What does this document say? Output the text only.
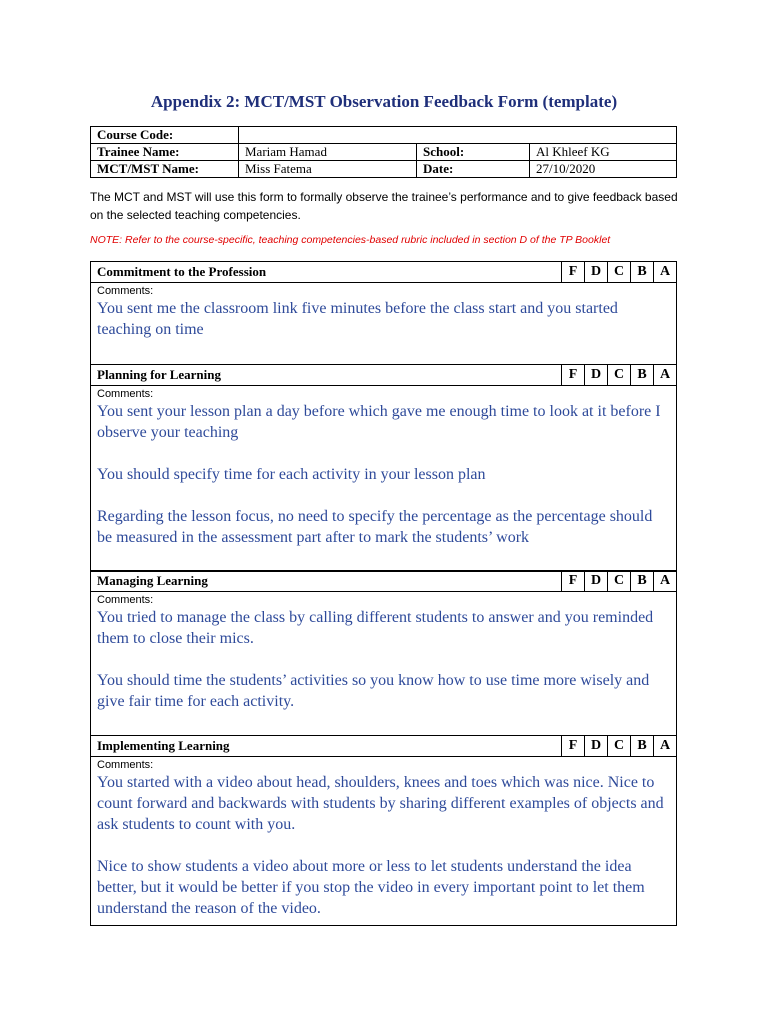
Appendix 2: MCT/MST Observation Feedback Form (template)
Course Code:			
Trainee Name:	Mariam Hamad	School:	Al Khleef KG
MCT/MST Name:	Miss Fatema	Date:	27/10/2020
The MCT and MST will use this form to formally observe the trainee’s performance and to give feedback based on the selected teaching competencies.
NOTE: Refer to the course-specific, teaching competencies-based rubric included in section D of the TP Booklet
Commitment to the Profession	F	D	C	B	A

Comments:
You sent me the classroom link five minutes before the class start and you started teaching on time
Planning for Learning	F	D	C	B	A

Comments:
You sent your lesson plan a day before which gave me enough time to look at it before I observe your teaching

You should specify time for each activity in your lesson plan

Regarding the lesson focus, no need to specify the percentage as the percentage should be measured in the assessment part after to mark the students’ work
Managing Learning	F	D	C	B	A

Comments:
You tried to manage the class by calling different students to answer and you reminded them to close their mics.

You should time the students’ activities so you know how to use time more wisely and give fair time for each activity.
Implementing Learning	F	D	C	B	A

Comments:
You started with a video about head, shoulders, knees and toes which was nice. Nice to count forward and backwards with students by sharing different examples of objects and ask students to count with you.

Nice to show students a video about more or less to let students understand the idea better, but it would be better if you stop the video in every important point to let them understand the reason of the video.
